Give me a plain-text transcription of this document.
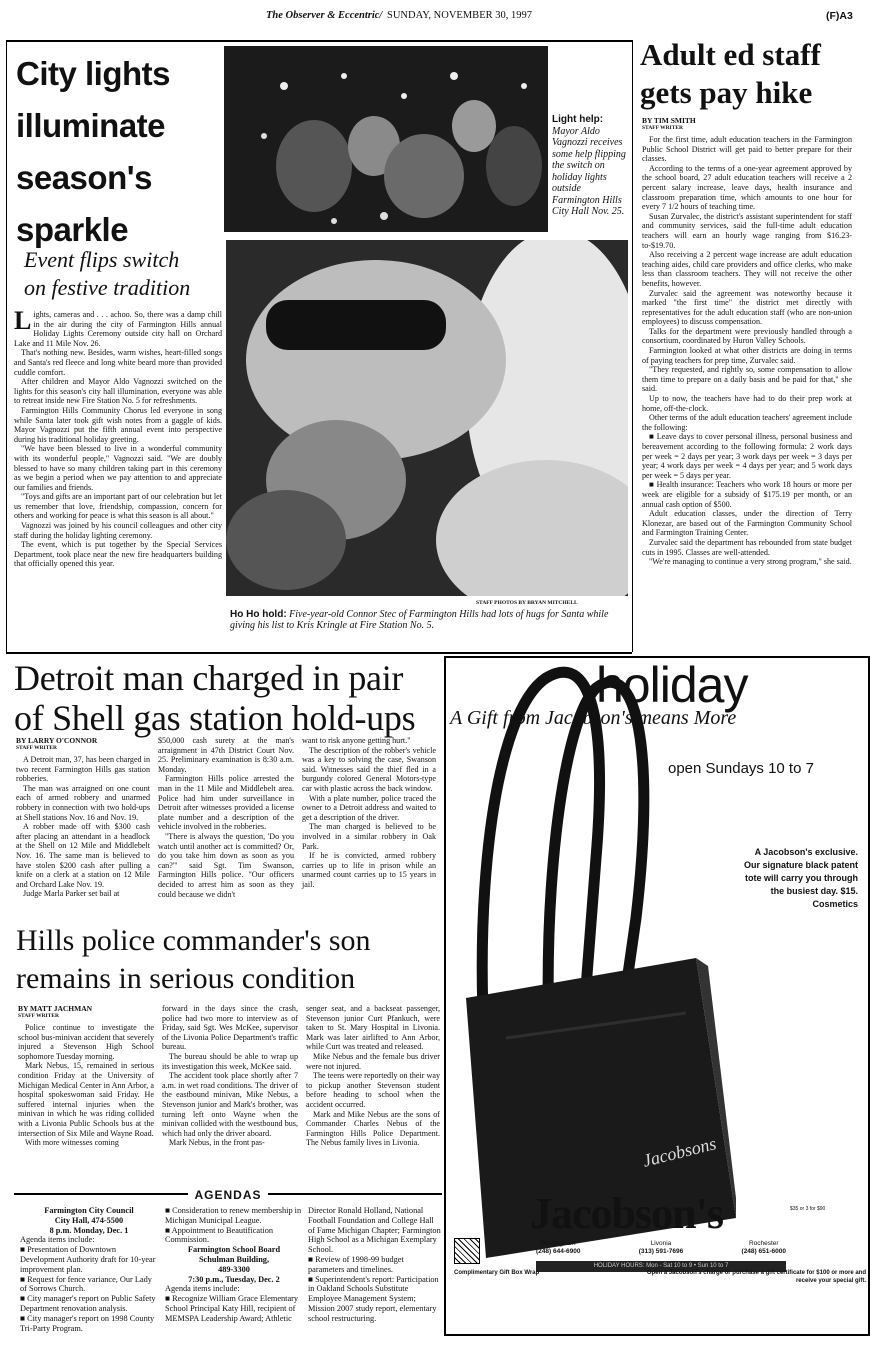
The Observer & Eccentric/ SUNDAY, NOVEMBER 30, 1997	(F)A3
City lights
illuminate
season's
sparkle
Event flips switch
on festive tradition

Lights, cameras and . . . achoo. So, there was a damp chill in the air during the city of Farmington Hills annual Holiday Lights Ceremony outside city hall on Orchard Lake and 11 Mile Nov. 26.

That's nothing new. Besides, warm wishes, heart-filled songs and Santa's red fleece and long white beard more than provided cuddle comfort.

After children and Mayor Aldo Vagnozzi switched on the lights for this season's city hall illumination, everyone was able to retreat inside new Fire Station No. 5 for refreshments.

Farmington Hills Community Chorus led everyone in song while Santa later took gift wish notes from a gaggle of kids. Mayor Vagnozzi put the fifth annual event into perspective during his traditional holiday greeting.

"We have been blessed to live in a wonderful community with its wonderful people," Vagnozzi said. "We are doubly blessed to have so many children taking part in this ceremony as we begin a period when we pay attention to and appreciate our families and friends.

"Toys and gifts are an important part of our celebration but let us remember that love, friendship, compassion, concern for others and working for peace is what this season is all about."

Vagnozzi was joined by his council colleagues and other city staff during the holiday lighting ceremony.

The event, which is put together by the Special Services Department, took place near the new fire headquarters building that officially opened this year.

Light help: Mayor Aldo Vagnozzi receives some help flipping the switch on holiday lights outside Farmington Hills City Hall Nov. 25.
STAFF PHOTOS BY BRYAN MITCHELL
Ho Ho hold: Five-year-old Connor Stec of Farmington Hills had lots of hugs for Santa while giving his list to Kris Kringle at Fire Station No. 5.
Adult ed staff
gets pay hike
BY TIM SMITH
STAFF WRITER

For the first time, adult education teachers in the Farmington Public School District will get paid to better prepare for their classes.

According to the terms of a one-year agreement approved by the school board, 27 adult education teachers will receive a 2 percent salary increase, leave days, health insurance and classroom preparation time, which amounts to one hour for every 7 1/2 hours of teaching time.

Susan Zurvalec, the district's assistant superintendent for staff and community services, said the full-time adult education teachers will earn an hourly wage ranging from $16.23-to-$19.70.

Also receiving a 2 percent wage increase are adult education teaching aides, child care providers and office clerks, who make less than classroom teachers. They will not receive the other benefits, however.

Zurvalec said the agreement was noteworthy because it marked "the first time" the district met directly with representatives for the adult education staff (who are non-union employees) to discuss compensation.

Talks for the department were previously handled through a consortium, coordinated by Huron Valley Schools.

Farmington looked at what other districts are doing in terms of paying teachers for prep time, Zurvalec said.

"They requested, and rightly so, some compensation to allow them time to prepare on a daily basis and be paid for that," she said.

Up to now, the teachers have had to do their prep work at home, off-the-clock.

Other terms of the adult education teachers' agreement include the following:

■ Leave days to cover personal illness, personal business and bereavement according to the following formula: 2 work days per week = 2 days per year; 3 work days per week = 3 days per year; 4 work days per week = 4 days per year; and 5 work days per week = 5 days per year.

■ Health insurance: Teachers who work 18 hours or more per week are eligible for a subsidy of $175.19 per month, or an annual cash option of $500.

Adult education classes, under the direction of Terry Klonezar, are based out of the Farmington Community School and Farmington Training Center.

Zurvalec said the department has rebounded from state budget cuts in 1995. Classes are well-attended.

"We're managing to continue a very strong program," she said.

Detroit man charged in pair
of Shell gas station hold-ups
BY LARRY O'CONNOR
STAFF WRITER

A Detroit man, 37, has been charged in two recent Farmington Hills gas station robberies.

The man was arraigned on one count each of armed robbery and unarmed robbery in connection with two hold-ups at Shell stations Nov. 16 and Nov. 19.

A robber made off with $300 cash after placing an attendant in a headlock at the Shell on 12 Mile and Middlebelt Nov. 16. The same man is believed to have stolen $200 cash after pulling a knife on a clerk at a station on 12 Mile and Orchard Lake Nov. 19.

Judge Marla Parker set bail at

$50,000 cash surety at the man's arraignment in 47th District Court Nov. 25. Preliminary examination is 8:30 a.m. Monday.

Farmington Hills police arrested the man in the 11 Mile and Middlebelt area. Police had him under surveillance in Detroit after witnesses provided a license plate number and a description of the vehicle involved in the robberies.

"There is always the question, 'Do you watch until another act is committed? Or, do you take him down as soon as you can?'" said Sgt. Tim Swanson, Farmington Hills police. "Our officers decided to arrest him as soon as they could because we didn't

want to risk anyone getting hurt."

The description of the robber's vehicle was a key to solving the case, Swanson said. Witnesses said the thief fled in a burgundy colored General Motors-type car with plastic across the back window.

With a plate number, police traced the owner to a Detroit address and waited to get a description of the driver.

The man charged is believed to be involved in a similar robbery in Oak Park.

If he is convicted, armed robbery carries up to life in prison while an unarmed count carries up to 15 years in jail.

Hills police commander's son
remains in serious condition
BY MATT JACHMAN
STAFF WRITER

Police continue to investigate the school bus-minivan accident that severely injured a Stevenson High School sophomore Tuesday morning.

Mark Nebus, 15, remained in serious condition Friday at the University of Michigan Medical Center in Ann Arbor, a hospital spokeswoman said Friday. He suffered internal injuries when the minivan in which he was riding collided with a Livonia Public Schools bus at the intersection of Six Mile and Wayne Road.

With more witnesses coming

forward in the days since the crash, police had two more to interview as of Friday, said Sgt. Wes McKee, supervisor of the Livonia Police Department's traffic bureau.

The bureau should be able to wrap up its investigation this week, McKee said.

The accident took place shortly after 7 a.m. in wet road conditions. The driver of the eastbound minivan, Mike Nebus, a Stevenson junior and Mark's brother, was turning left onto Wayne when the minivan collided with the westbound bus, which had only the driver aboard.

Mark Nebus, in the front pas-

senger seat, and a backseat passenger, Stevenson junior Curt Pfankuch, were taken to St. Mary Hospital in Livonia. Mark was later airlifted to Ann Arbor, while Curt was treated and released.

Mike Nebus and the female bus driver were not injured.

The teens were reportedly on their way to pickup another Stevenson student before heading to school when the accident occurred.

Mark and Mike Nebus are the sons of Commander Charles Nebus of the Farmington Hills Police Department. The Nebus family lives in Livonia.

AGENDAS

Farmington City Council

City Hall, 474-5500

8 p.m. Monday, Dec. 1

Agenda items include:

■ Presentation of Downtown Development Authority draft for 10-year improvement plan.

■ Request for fence variance, Our Lady of Sorrows Church.

■ City manager's report on Public Safety Department renovation analysis.

■ City manager's report on 1998 County Tri-Party Program.

■ Consideration to renew membership in Michigan Municipal League.

■ Appointment to Beautification Commission.

Farmington School Board

Schulman Building,

489-3300

7:30 p.m., Tuesday, Dec. 2

Agenda items include:

■ Recognize William Grace Elementary School Principal Katy Hill, recipient of MEMSPA Leadership Award; Athletic

Director Ronald Holland, National Football Foundation and College Hall of Fame Michigan Chapter; Farmington High School as a Michigan Exemplary School.

■ Review of 1998-99 budget parameters and timelines.

■ Superintendent's report: Participation in Oakland Schools Substitute Employee Management System; Mission 2007 study report, elementary school restructuring.

holiday
A Gift from Jacobson's means More
open Sundays 10 to 7
A Jacobson's exclusive.
Our signature black patent
tote will carry you through
the busiest day. $15.
Cosmetics
Jacobsons
Jacobson's	$35 or 3 for $90
Birmingham
(248) 644-6900
Livonia
(313) 591-7696
Rochester
(248) 651-6000
HOLIDAY HOURS: Mon - Sat 10 to 9 • Sun 10 to 7
Complimentary Gift Box Wrap	Open a Jacobson's charge or purchase a gift certificate for $100 or more and receive your special gift.
